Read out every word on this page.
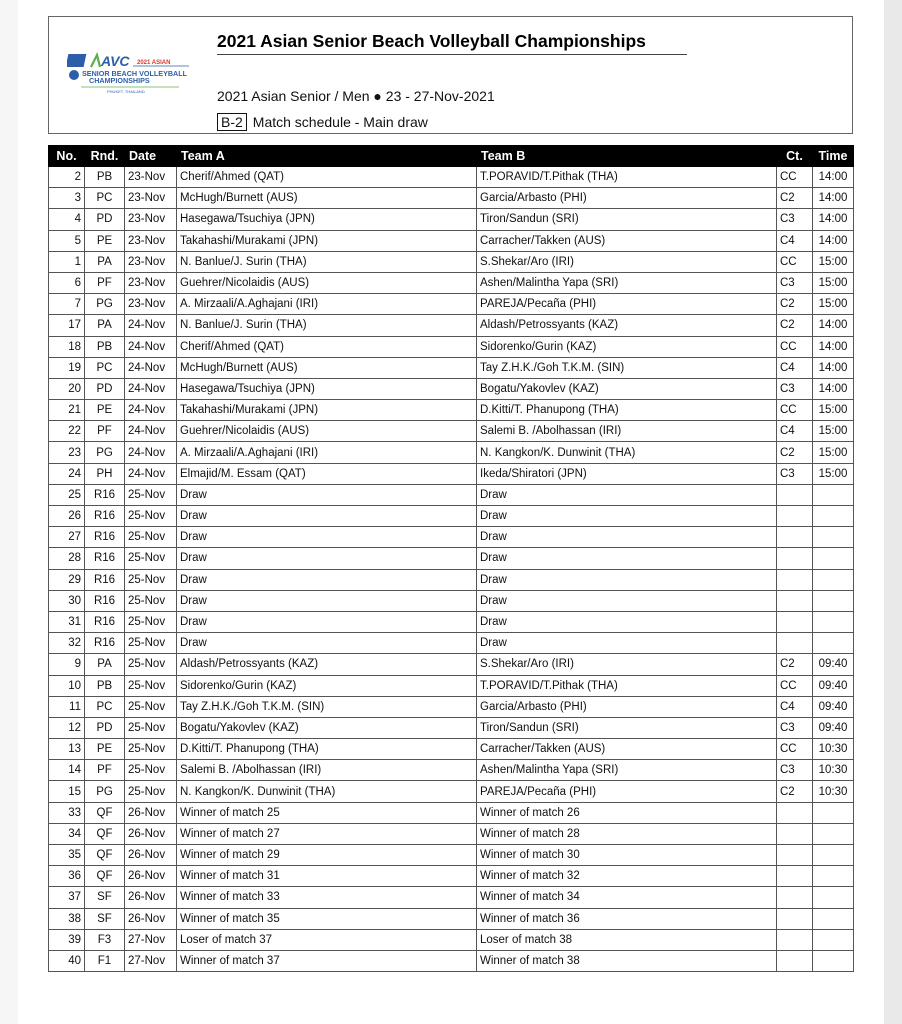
AVC 2021 ASIAN
SENIOR BEACH VOLLEYBALL
CHAMPIONSHIPS
PHUKET, THAILAND
2021 Asian Senior Beach Volleyball Championships
2021 Asian Senior / Men ● 23 - 27-Nov-2021
B-2 Match schedule - Main draw
No.	Rnd.	Date	Team A	Team B	Ct.	Time
2	PB	23-Nov	Cherif/Ahmed (QAT)	T.PORAVID/T.Pithak (THA)	CC	14:00
3	PC	23-Nov	McHugh/Burnett (AUS)	Garcia/Arbasto (PHI)	C2	14:00
4	PD	23-Nov	Hasegawa/Tsuchiya (JPN)	Tiron/Sandun (SRI)	C3	14:00
5	PE	23-Nov	Takahashi/Murakami (JPN)	Carracher/Takken (AUS)	C4	14:00
1	PA	23-Nov	N. Banlue/J. Surin (THA)	S.Shekar/Aro (IRI)	CC	15:00
6	PF	23-Nov	Guehrer/Nicolaidis (AUS)	Ashen/Malintha Yapa (SRI)	C3	15:00
7	PG	23-Nov	A. Mirzaali/A.Aghajani (IRI)	PAREJA/Pecaña (PHI)	C2	15:00
17	PA	24-Nov	N. Banlue/J. Surin (THA)	Aldash/Petrossyants (KAZ)	C2	14:00
18	PB	24-Nov	Cherif/Ahmed (QAT)	Sidorenko/Gurin (KAZ)	CC	14:00
19	PC	24-Nov	McHugh/Burnett (AUS)	Tay Z.H.K./Goh T.K.M. (SIN)	C4	14:00
20	PD	24-Nov	Hasegawa/Tsuchiya (JPN)	Bogatu/Yakovlev (KAZ)	C3	14:00
21	PE	24-Nov	Takahashi/Murakami (JPN)	D.Kitti/T. Phanupong (THA)	CC	15:00
22	PF	24-Nov	Guehrer/Nicolaidis (AUS)	Salemi B. /Abolhassan (IRI)	C4	15:00
23	PG	24-Nov	A. Mirzaali/A.Aghajani (IRI)	N. Kangkon/K. Dunwinit (THA)	C2	15:00
24	PH	24-Nov	Elmajid/M. Essam (QAT)	Ikeda/Shiratori (JPN)	C3	15:00
25	R16	25-Nov	Draw	Draw		
26	R16	25-Nov	Draw	Draw		
27	R16	25-Nov	Draw	Draw		
28	R16	25-Nov	Draw	Draw		
29	R16	25-Nov	Draw	Draw		
30	R16	25-Nov	Draw	Draw		
31	R16	25-Nov	Draw	Draw		
32	R16	25-Nov	Draw	Draw		
9	PA	25-Nov	Aldash/Petrossyants (KAZ)	S.Shekar/Aro (IRI)	C2	09:40
10	PB	25-Nov	Sidorenko/Gurin (KAZ)	T.PORAVID/T.Pithak (THA)	CC	09:40
11	PC	25-Nov	Tay Z.H.K./Goh T.K.M. (SIN)	Garcia/Arbasto (PHI)	C4	09:40
12	PD	25-Nov	Bogatu/Yakovlev (KAZ)	Tiron/Sandun (SRI)	C3	09:40
13	PE	25-Nov	D.Kitti/T. Phanupong (THA)	Carracher/Takken (AUS)	CC	10:30
14	PF	25-Nov	Salemi B. /Abolhassan (IRI)	Ashen/Malintha Yapa (SRI)	C3	10:30
15	PG	25-Nov	N. Kangkon/K. Dunwinit (THA)	PAREJA/Pecaña (PHI)	C2	10:30
33	QF	26-Nov	Winner of match 25	Winner of match 26		
34	QF	26-Nov	Winner of match 27	Winner of match 28		
35	QF	26-Nov	Winner of match 29	Winner of match 30		
36	QF	26-Nov	Winner of match 31	Winner of match 32		
37	SF	26-Nov	Winner of match 33	Winner of match 34		
38	SF	26-Nov	Winner of match 35	Winner of match 36		
39	F3	27-Nov	Loser of match 37	Loser of match 38		
40	F1	27-Nov	Winner of match 37	Winner of match 38		
